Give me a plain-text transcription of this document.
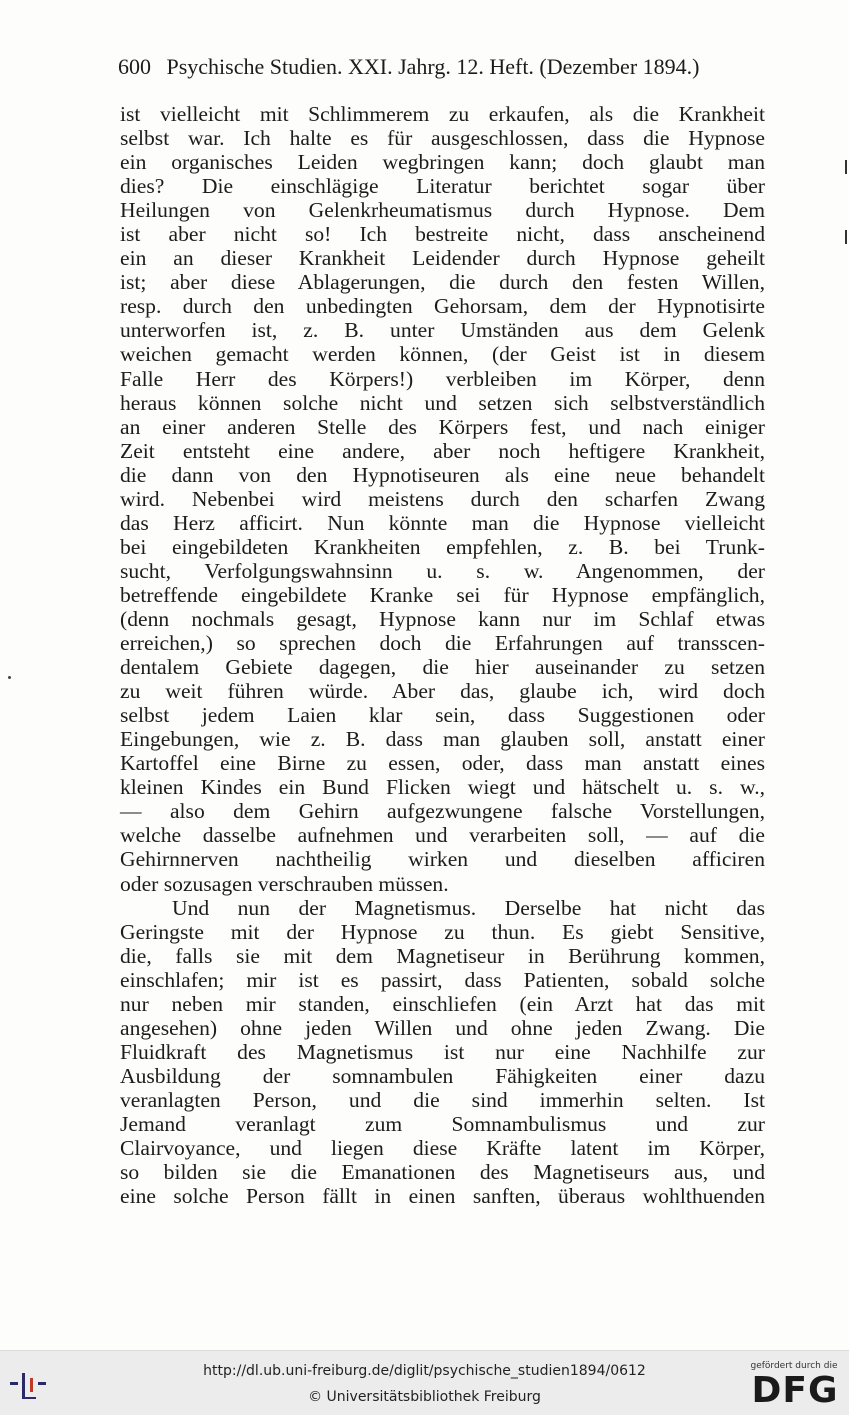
600 Psychische Studien. XXI. Jahrg. 12. Heft. (Dezember 1894.)
ist vielleicht mit Schlimmerem zu erkaufen, als die Krankheit
selbst war. Ich halte es für ausgeschlossen, dass die Hypnose
ein organisches Leiden wegbringen kann; doch glaubt man
dies? Die einschlägige Literatur berichtet sogar über
Heilungen von Gelenkrheumatismus durch Hypnose. Dem
ist aber nicht so! Ich bestreite nicht, dass anscheinend
ein an dieser Krankheit Leidender durch Hypnose geheilt
ist; aber diese Ablagerungen, die durch den festen Willen,
resp. durch den unbedingten Gehorsam, dem der Hypnotisirte
unterworfen ist, z. B. unter Umständen aus dem Gelenk
weichen gemacht werden können, (der Geist ist in diesem
Falle Herr des Körpers!) verbleiben im Körper, denn
heraus können solche nicht und setzen sich selbstverständlich
an einer anderen Stelle des Körpers fest, und nach einiger
Zeit entsteht eine andere, aber noch heftigere Krankheit,
die dann von den Hypnotiseuren als eine neue behandelt
wird. Nebenbei wird meistens durch den scharfen Zwang
das Herz afficirt. Nun könnte man die Hypnose vielleicht
bei eingebildeten Krankheiten empfehlen, z. B. bei Trunk-
sucht, Verfolgungswahnsinn u. s. w. Angenommen, der
betreffende eingebildete Kranke sei für Hypnose empfänglich,
(denn nochmals gesagt, Hypnose kann nur im Schlaf etwas
erreichen,) so sprechen doch die Erfahrungen auf transscen-
dentalem Gebiete dagegen, die hier auseinander zu setzen
zu weit führen würde. Aber das, glaube ich, wird doch
selbst jedem Laien klar sein, dass Suggestionen oder
Eingebungen, wie z. B. dass man glauben soll, anstatt einer
Kartoffel eine Birne zu essen, oder, dass man anstatt eines
kleinen Kindes ein Bund Flicken wiegt und hätschelt u. s. w.,
— also dem Gehirn aufgezwungene falsche Vorstellungen,
welche dasselbe aufnehmen und verarbeiten soll, — auf die
Gehirnnerven nachtheilig wirken und dieselben afficiren
oder sozusagen verschrauben müssen.
Und nun der Magnetismus. Derselbe hat nicht das
Geringste mit der Hypnose zu thun. Es giebt Sensitive,
die, falls sie mit dem Magnetiseur in Berührung kommen,
einschlafen; mir ist es passirt, dass Patienten, sobald solche
nur neben mir standen, einschliefen (ein Arzt hat das mit
angesehen) ohne jeden Willen und ohne jeden Zwang. Die
Fluidkraft des Magnetismus ist nur eine Nachhilfe zur
Ausbildung der somnambulen Fähigkeiten einer dazu
veranlagten Person, und die sind immerhin selten. Ist
Jemand veranlagt zum Somnambulismus und zur
Clairvoyance, und liegen diese Kräfte latent im Körper,
so bilden sie die Emanationen des Magnetiseurs aus, und
eine solche Person fällt in einen sanften, überaus wohlthuenden
http://dl.ub.uni-freiburg.de/diglit/psychische_studien1894/0612
© Universitätsbibliothek Freiburg
gefördert durch die
DFG
